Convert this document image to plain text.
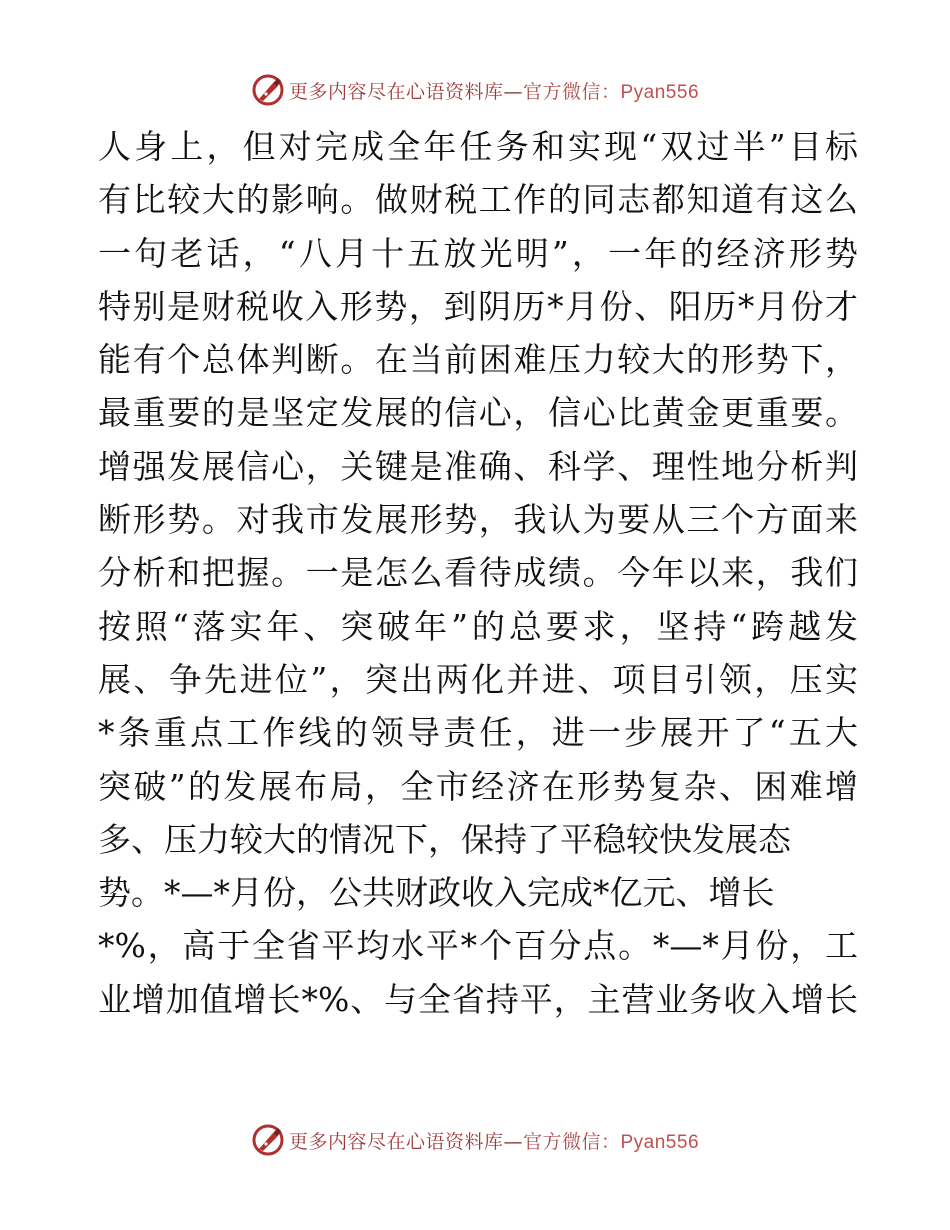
更多内容尽在心语资料库—官方微信：Pyan556
人身上，但对完成全年任务和实现“双过半”目标
有比较大的影响。做财税工作的同志都知道有这么
一句老话，“八月十五放光明”，一年的经济形势
特别是财税收入形势，到阴历*月份、阳历*月份才
能有个总体判断。在当前困难压力较大的形势下，
最重要的是坚定发展的信心，信心比黄金更重要。
增强发展信心，关键是准确、科学、理性地分析判
断形势。对我市发展形势，我认为要从三个方面来
分析和把握。一是怎么看待成绩。今年以来，我们
按照“落实年、突破年”的总要求，坚持“跨越发
展、争先进位”，突出两化并进、项目引领，压实
*条重点工作线的领导责任，进一步展开了“五大
突破”的发展布局，全市经济在形势复杂、困难增
多、压力较大的情况下，保持了平稳较快发展态
势。*—*月份，公共财政收入完成*亿元、增长
*%，高于全省平均水平*个百分点。*—*月份，工
业增加值增长*%、与全省持平，主营业务收入增长
更多内容尽在心语资料库—官方微信：Pyan556
